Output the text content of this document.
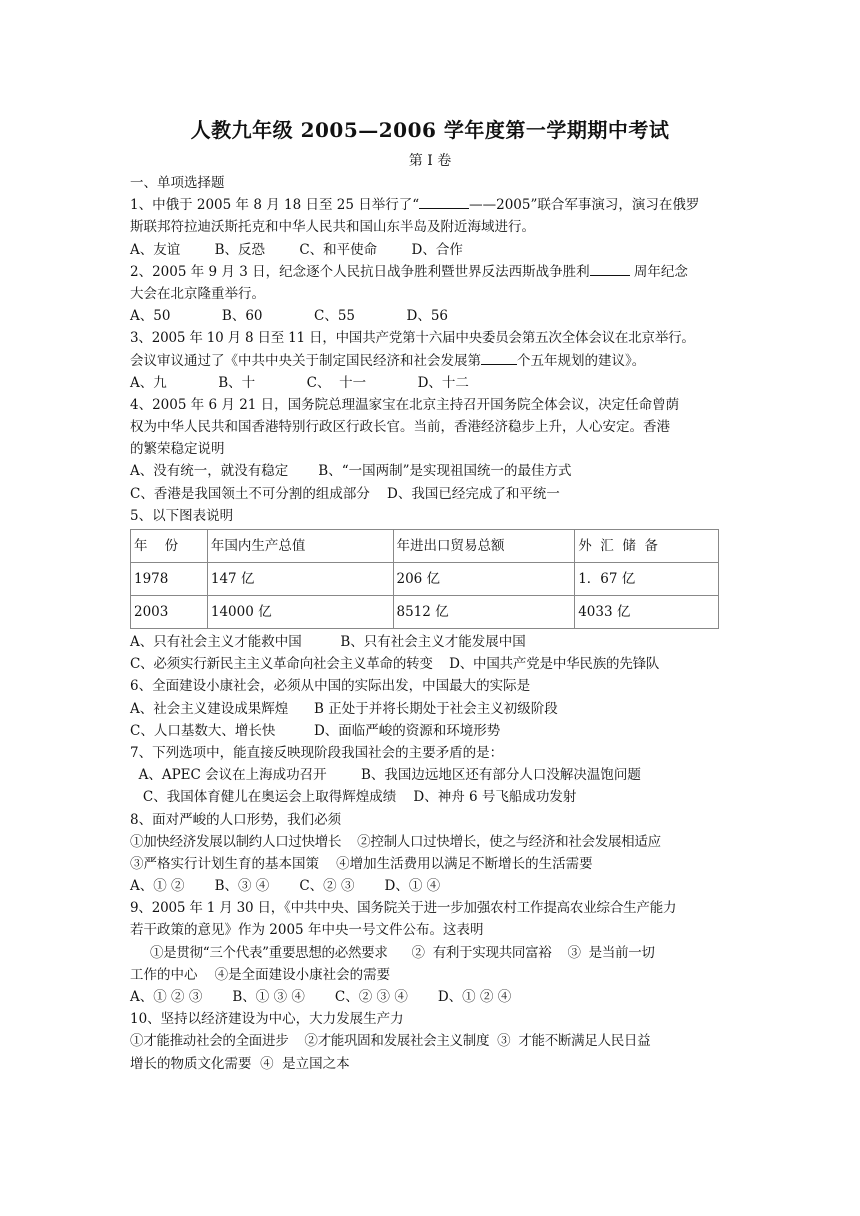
人教九年级 2005—2006 学年度第一学期期中考试
第 I 卷
一、单项选择题
1、中俄于 2005 年 8 月 18 日至 25 日举行了“	——2005”联合军事演习，演习在俄罗
斯联邦符拉迪沃斯托克和中华人民共和国山东半岛及附近海域进行。
A、友谊        B、反恐        C、和平使命        D、合作
2、2005 年 9 月 3 日，纪念逐个人民抗日战争胜利暨世界反法西斯战争胜利	周年纪念
大会在北京隆重举行。
A、50            B、60            C、55            D、56
3、2005 年 10 月 8 日至 11 日，中国共产党第十六届中央委员会第五次全体会议在北京举行。
会议审议通过了《中共中央关于制定国民经济和社会发展第	个五年规划的建议》。
A、九            B、十            C、  十一            D、十二
4、2005 年 6 月 21 日，国务院总理温家宝在北京主持召开国务院全体会议，决定任命曾荫
权为中华人民共和国香港特别行政区行政长官。当前，香港经济稳步上升，人心安定。香港
的繁荣稳定说明
A、没有统一，就没有稳定       B、“一国两制”是实现祖国统一的最佳方式
C、香港是我国领土不可分割的组成部分    D、我国已经完成了和平统一
5、以下图表说明
年    份	年国内生产总值	年进出口贸易总额	外  汇  储  备
1978	147 亿	206 亿	1．67 亿
2003	14000 亿	8512 亿	4033 亿
A、只有社会主义才能救中国         B、只有社会主义才能发展中国
C、必须实行新民主主义革命向社会主义革命的转变    D、中国共产党是中华民族的先锋队
6、全面建设小康社会，必须从中国的实际出发，中国最大的实际是
A、社会主义建设成果辉煌      B 正处于并将长期处于社会主义初级阶段
C、人口基数大、增长快         D、面临严峻的资源和环境形势
7、下列选项中，能直接反映现阶段我国社会的主要矛盾的是：
A、APEC 会议在上海成功召开        B、我国边远地区还有部分人口没解决温饱问题
C、我国体育健儿在奥运会上取得辉煌成绩    D、神舟 6 号飞船成功发射
8、面对严峻的人口形势，我们必须
①加快经济发展以制约人口过快增长    ②控制人口过快增长，使之与经济和社会发展相适应
③严格实行计划生育的基本国策    ④增加生活费用以满足不断增长的生活需要
A、① ②       B、③ ④       C、② ③       D、① ④
9、2005 年 1 月 30 日，《中共中央、国务院关于进一步加强农村工作提高农业综合生产能力
若干政策的意见》作为 2005 年中央一号文件公布。这表明
①是贯彻“三个代表”重要思想的必然要求      ②  有利于实现共同富裕    ③  是当前一切
工作的中心    ④是全面建设小康社会的需要
A、① ② ③       B、① ③ ④       C、② ③ ④       D、① ② ④
10、坚持以经济建设为中心，大力发展生产力
①才能推动社会的全面进步    ②才能巩固和发展社会主义制度  ③  才能不断满足人民日益
增长的物质文化需要  ④  是立国之本
